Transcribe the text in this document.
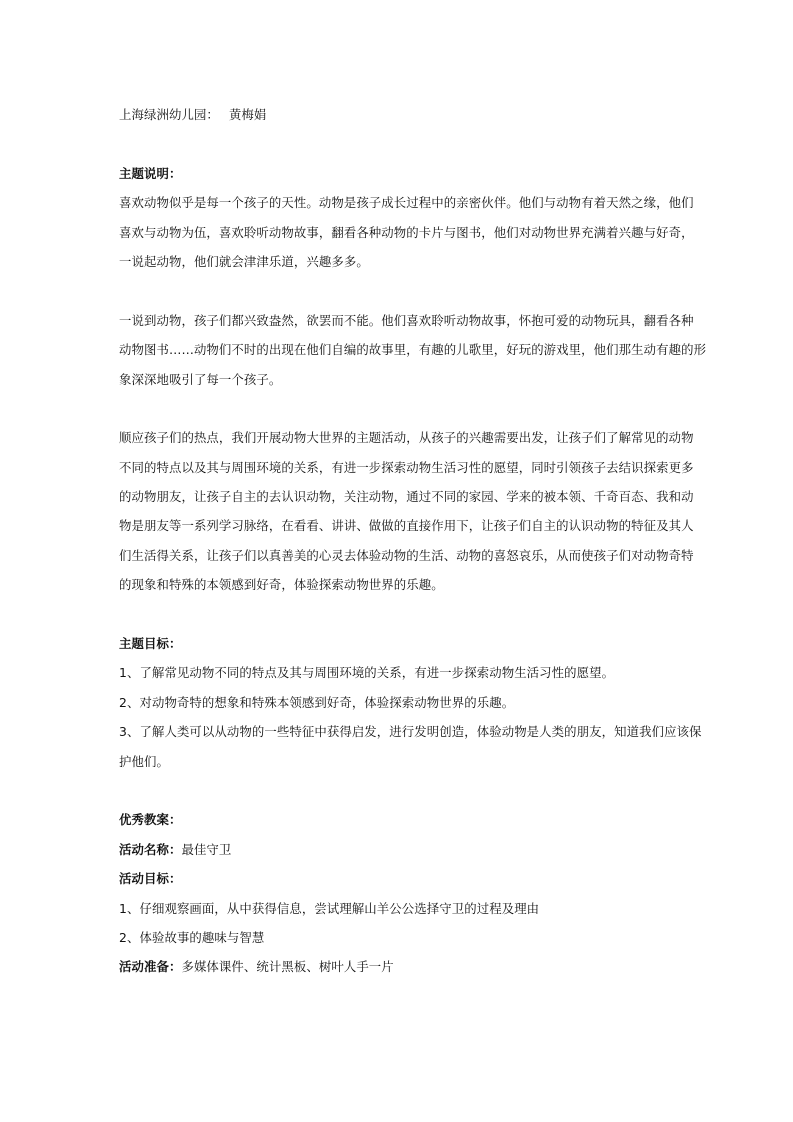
上海绿洲幼儿园： 黄梅娟
主题说明：
喜欢动物似乎是每一个孩子的天性。动物是孩子成长过程中的亲密伙伴。他们与动物有着天然之缘，他们
喜欢与动物为伍，喜欢聆听动物故事，翻看各种动物的卡片与图书，他们对动物世界充满着兴趣与好奇，
一说起动物，他们就会津津乐道，兴趣多多。
一说到动物，孩子们都兴致盎然，欲罢而不能。他们喜欢聆听动物故事，怀抱可爱的动物玩具，翻看各种
动物图书……动物们不时的出现在他们自编的故事里，有趣的儿歌里，好玩的游戏里，他们那生动有趣的形
象深深地吸引了每一个孩子。
顺应孩子们的热点，我们开展动物大世界的主题活动，从孩子的兴趣需要出发，让孩子们了解常见的动物
不同的特点以及其与周围环境的关系，有进一步探索动物生活习性的愿望，同时引领孩子去结识探索更多
的动物朋友，让孩子自主的去认识动物，关注动物，通过不同的家园、学来的被本领、千奇百态、我和动
物是朋友等一系列学习脉络，在看看、讲讲、做做的直接作用下，让孩子们自主的认识动物的特征及其人
们生活得关系，让孩子们以真善美的心灵去体验动物的生活、动物的喜怒哀乐，从而使孩子们对动物奇特
的现象和特殊的本领感到好奇，体验探索动物世界的乐趣。
主题目标：
1、了解常见动物不同的特点及其与周围环境的关系，有进一步探索动物生活习性的愿望。
2、对动物奇特的想象和特殊本领感到好奇，体验探索动物世界的乐趣。
3、了解人类可以从动物的一些特征中获得启发，进行发明创造，体验动物是人类的朋友，知道我们应该保
护他们。
优秀教案：
活动名称：最佳守卫
活动目标：
1、仔细观察画面，从中获得信息，尝试理解山羊公公选择守卫的过程及理由
2、体验故事的趣味与智慧
活动准备：多媒体课件、统计黑板、树叶人手一片
